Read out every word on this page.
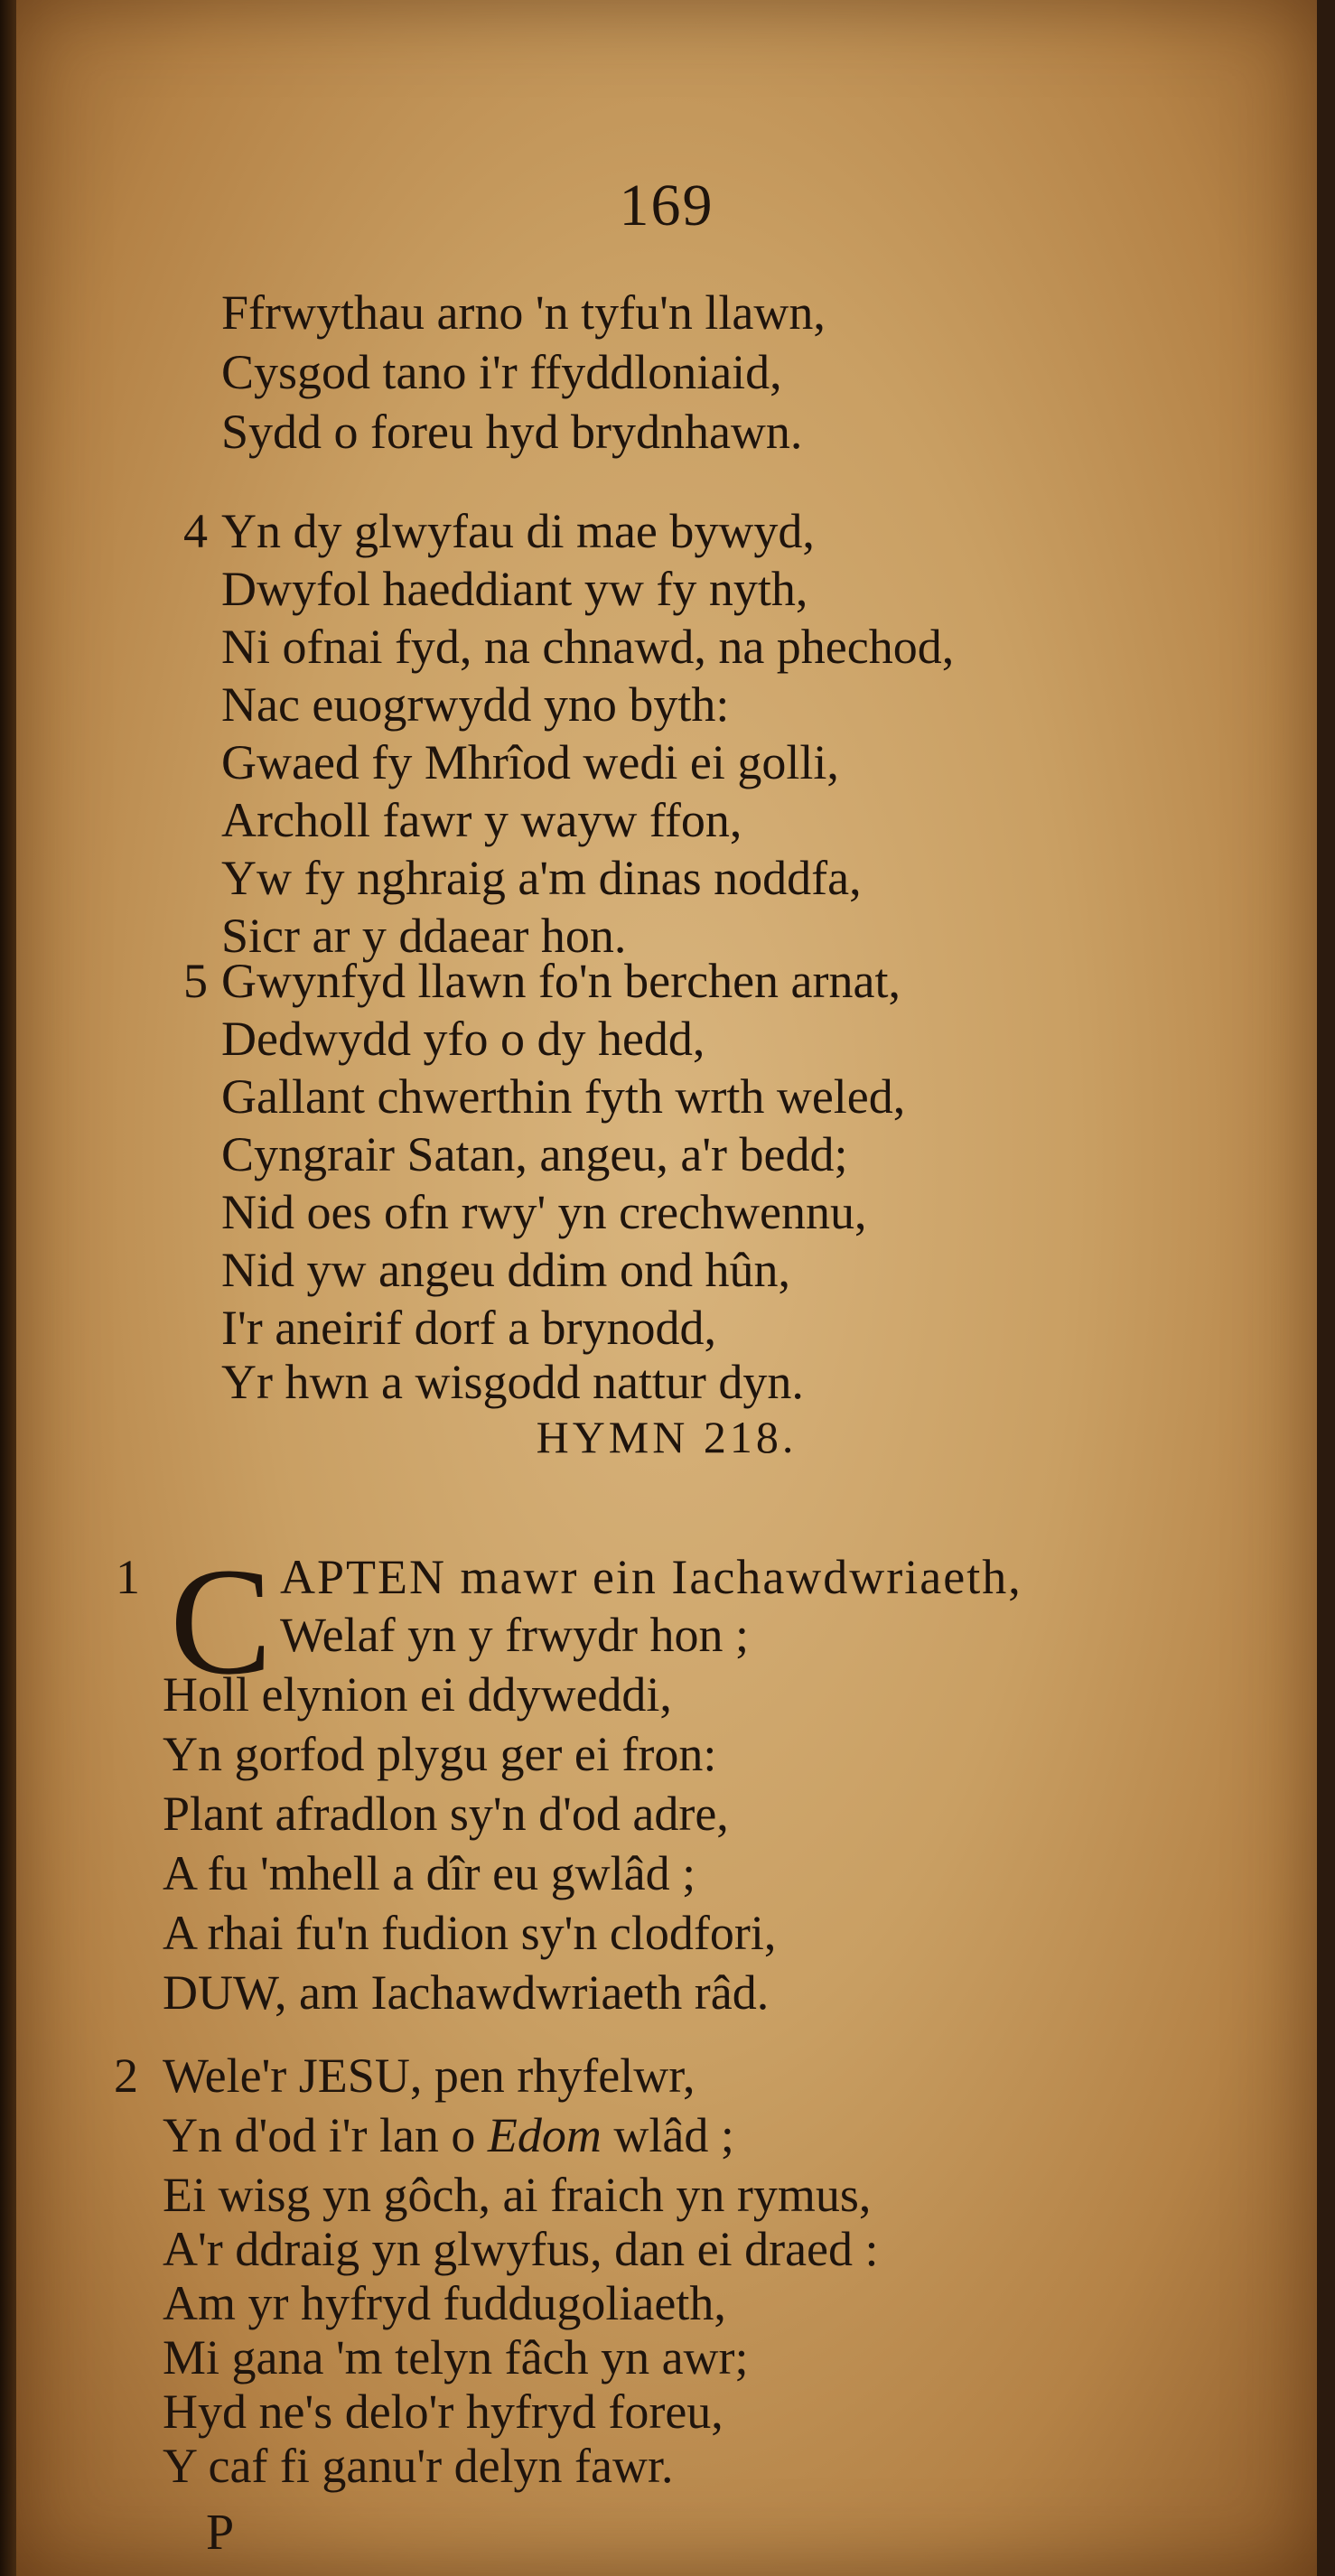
169
Ffrwythau arno 'n tyfu'n llawn,
Cysgod tano i'r ffyddloniaid,
Sydd o foreu hyd brydnhawn.
4 Yn dy glwyfau di mae bywyd,
Dwyfol haeddiant yw fy nyth,
Ni ofnai fyd, na chnawd, na phechod,
Nac euogrwydd yno byth:
Gwaed fy Mhrîod wedi ei golli,
Archoll fawr y wayw ffon,
Yw fy nghraig a'm dinas noddfa,
Sicr ar y ddaear hon.
5 Gwynfyd llawn fo'n berchen arnat,
Dedwydd yfo o dy hedd,
Gallant chwerthin fyth wrth weled,
Cyngrair Satan, angeu, a'r bedd;
Nid oes ofn rwy' yn crechwennu,
Nid yw angeu ddim ond hûn,
I'r aneirif dorf a brynodd,
Yr hwn a wisgodd nattur dyn.
HYMN 218.
1 C APTEN mawr ein Iachawdwriaeth,
Welaf yn y frwydr hon ;
Holl elynion ei ddyweddi,
Yn gorfod plygu ger ei fron:
Plant afradlon sy'n d'od adre,
A fu 'mhell a dîr eu gwlâd ;
A rhai fu'n fudion sy'n clodfori,
DUW, am Iachawdwriaeth râd.
2 Wele'r JESU, pen rhyfelwr,
Yn d'od i'r lan o Edom wlâd ;
Ei wisg yn gôch, ai fraich yn rymus,
A'r ddraig yn glwyfus, dan ei draed :
Am yr hyfryd fuddugoliaeth,
Mi gana 'm telyn fâch yn awr;
Hyd ne's delo'r hyfryd foreu,
P
Y caf fi ganu'r delyn fawr.
